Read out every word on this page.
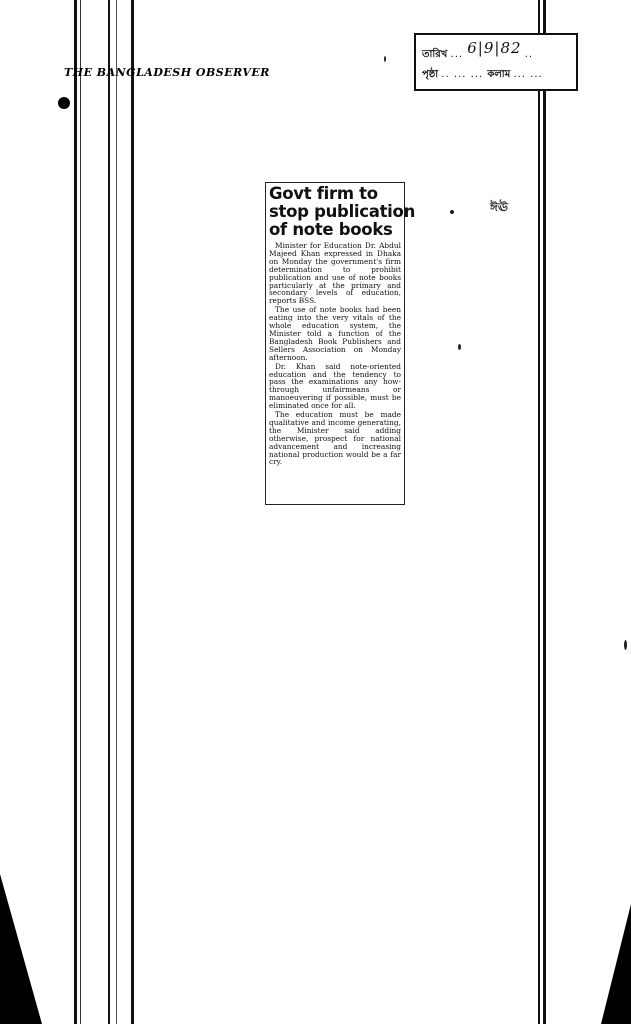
THE BANGLADESH OBSERVER
তারিখ ... 6|9|82 ..
পৃষ্ঠা .. ... ... কলাম ... ...
ঈঊ
Govt firm to
stop publication
of note books

Minister for Education Dr. Abdul Majeed Khan expressed in Dhaka on Monday the government's firm determination to prohibit publication and use of note books particularly at the primary and secondary levels of education, reports BSS.

The use of note books had been eating into the very vitals of the whole education system, the Minister told a function of the Bangladesh Book Publishers and Sellers Association on Monday afternoon.

Dr. Khan said note-oriented education and the tendency to pass the examinations any how-through unfairmeans or manoeuvering if possible, must be eliminated once for all.

The education must be made qualitative and income generating, the Minister said adding otherwise, prospect for national advancement and increasing national production would be a far cry.
